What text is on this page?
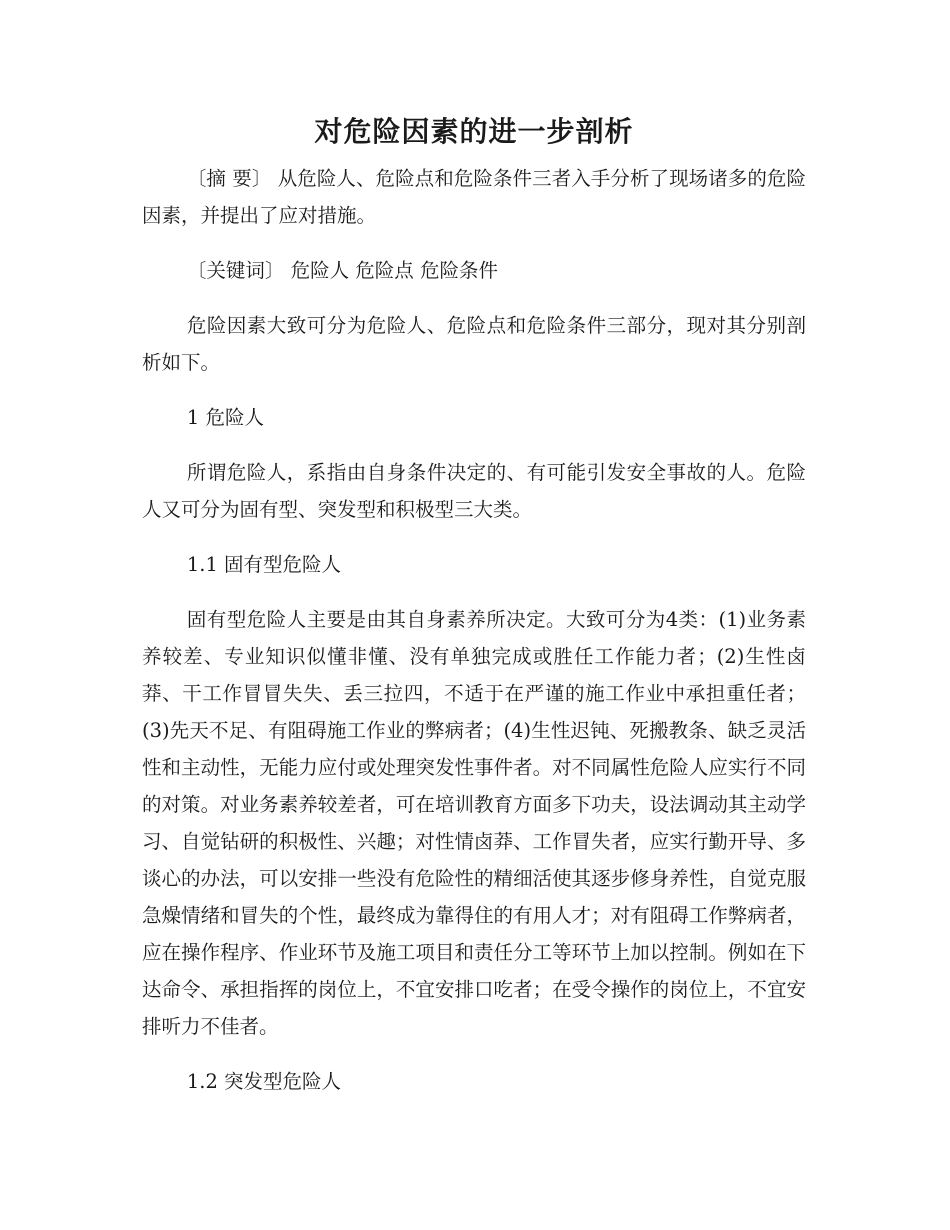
对危险因素的进一步剖析

〔摘 要〕 从危险人、危险点和危险条件三者入手分析了现场诸多的危险因素，并提出了应对措施。

〔关键词〕 危险人 危险点 危险条件

危险因素大致可分为危险人、危险点和危险条件三部分，现对其分别剖析如下。

1 危险人

所谓危险人，系指由自身条件决定的、有可能引发安全事故的人。危险人又可分为固有型、突发型和积极型三大类。

1.1 固有型危险人

固有型危险人主要是由其自身素养所决定。大致可分为4类：(1)业务素养较差、专业知识似懂非懂、没有单独完成或胜任工作能力者；(2)生性卤莽、干工作冒冒失失、丢三拉四，不适于在严谨的施工作业中承担重任者；(3)先天不足、有阻碍施工作业的弊病者；(4)生性迟钝、死搬教条、缺乏灵活性和主动性，无能力应付或处理突发性事件者。对不同属性危险人应实行不同的对策。对业务素养较差者，可在培训教育方面多下功夫，设法调动其主动学习、自觉钻研的积极性、兴趣；对性情卤莽、工作冒失者，应实行勤开导、多谈心的办法，可以安排一些没有危险性的精细活使其逐步修身养性，自觉克服急燥情绪和冒失的个性，最终成为靠得住的有用人才；对有阻碍工作弊病者，应在操作程序、作业环节及施工项目和责任分工等环节上加以控制。例如在下达命令、承担指挥的岗位上，不宜安排口吃者；在受令操作的岗位上，不宜安排听力不佳者。

1.2 突发型危险人
